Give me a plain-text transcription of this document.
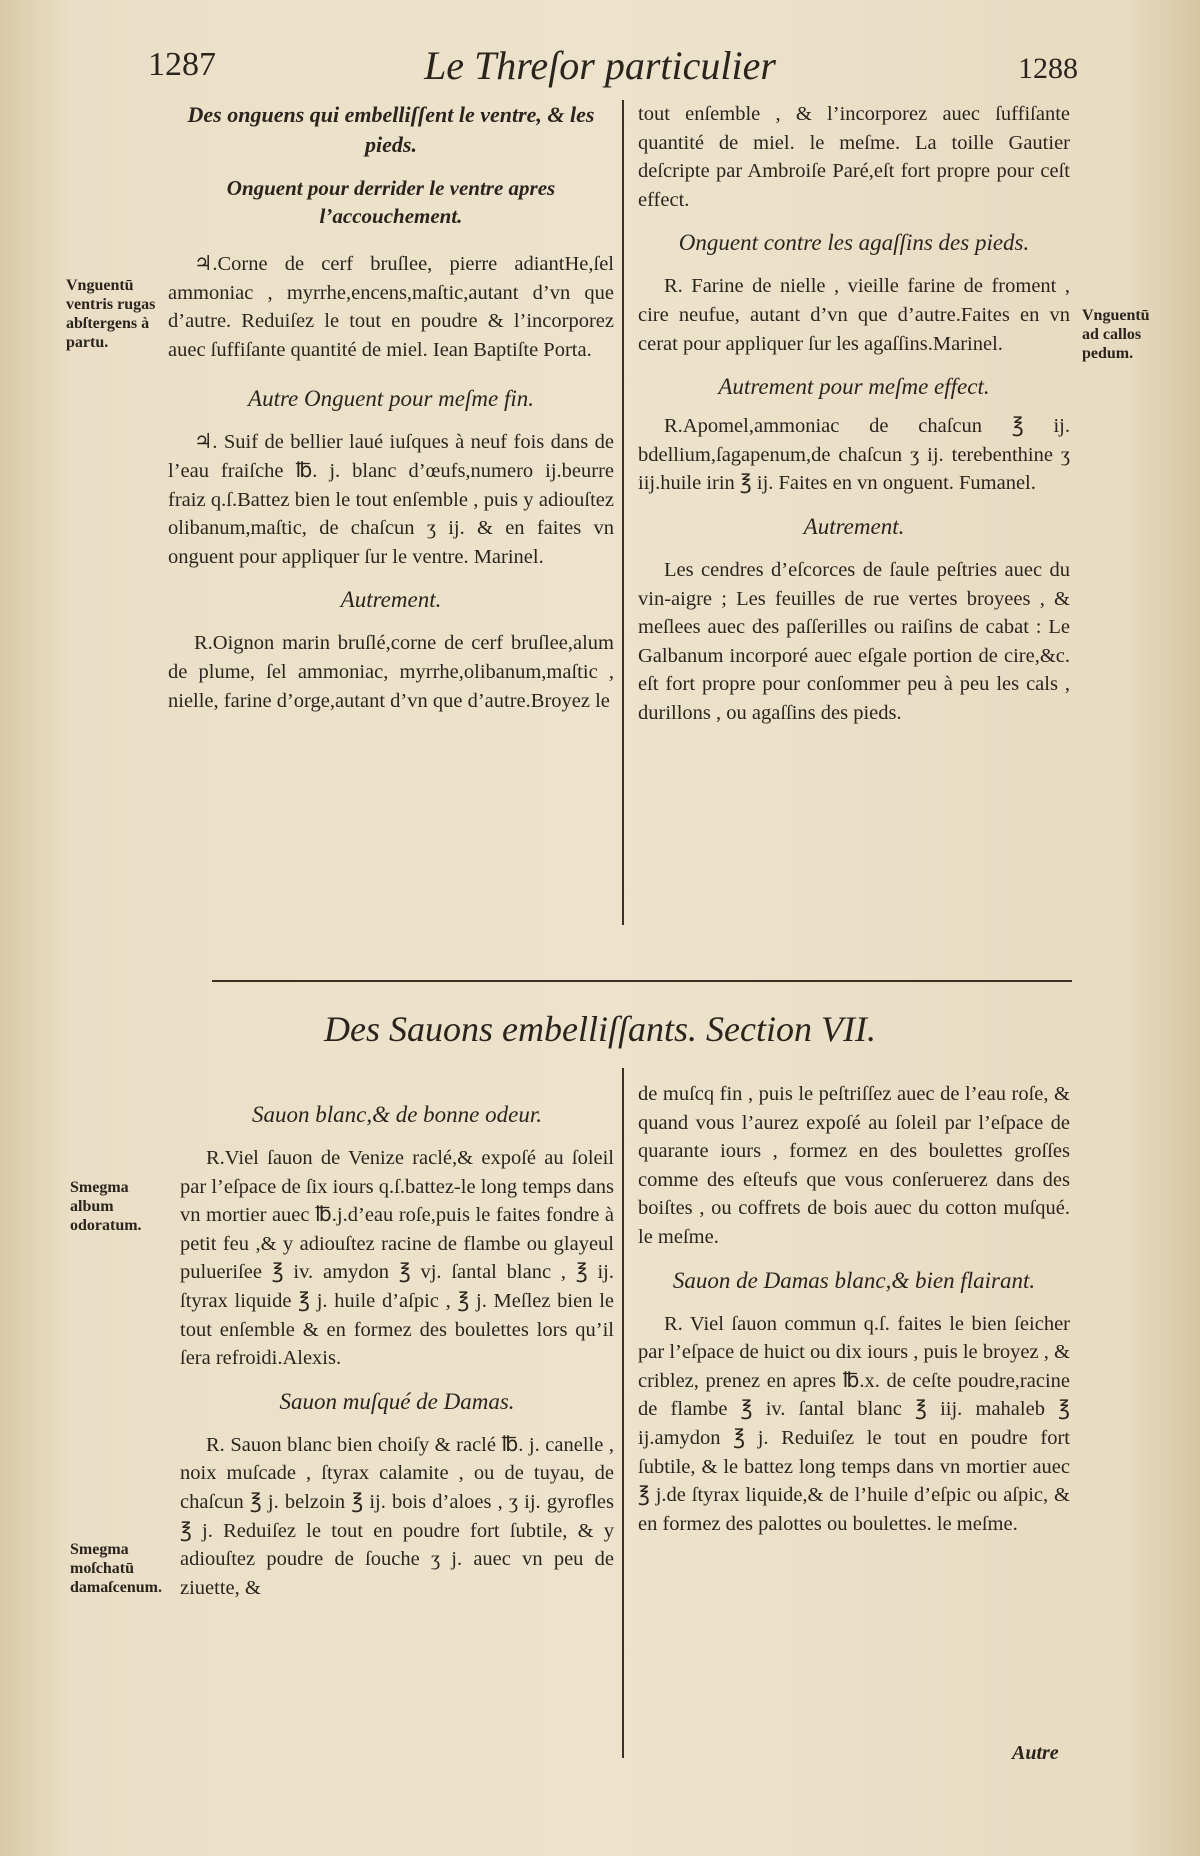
1287	Le Threſor particulier	1288

Des onguens qui embelliſſent le ventre, & les pieds.

Onguent pour derrider le ventre apres l’accouchement.

♃.Corne de cerf bruſlee, pierre adiantHe,ſel ammoniac , myrrhe,encens,maſtic,autant d’vn que d’autre. Reduiſez le tout en poudre & l’incorporez auec ſuffiſante quantité de miel. Iean Baptiſte Porta.

Autre Onguent pour meſme fin.

♃. Suif de bellier laué iuſques à neuf fois dans de l’eau fraiſche ℔. j. blanc d’œufs,numero ij.beurre fraiz q.ſ.Battez bien le tout enſemble , puis y adiouſtez olibanum,maſtic, de chaſcun ʒ ij. & en faites vn onguent pour appliquer ſur le ventre. Marinel.

Autrement.

R.Oignon marin bruſlé,corne de cerf bruſlee,alum de plume, ſel ammoniac, myrrhe,olibanum,maſtic , nielle, farine d’orge,autant d’vn que d’autre.Broyez le

tout enſemble , & l’incorporez auec ſuffiſante quantité de miel. le meſme. La toille Gautier deſcripte par Ambroiſe Paré,eſt fort propre pour ceſt effect.

Onguent contre les agaſſins des pieds.

R. Farine de nielle , vieille farine de froment , cire neufue, autant d’vn que d’autre.Faites en vn cerat pour appliquer ſur les agaſſins.Marinel.

Autrement pour meſme effect.

R.Apomel,ammoniac de chaſcun ℥ ij. bdellium,ſagapenum,de chaſcun ʒ ij. terebenthine ʒ iij.huile irin ℥ ij. Faites en vn onguent. Fumanel.

Autrement.

Les cendres d’eſcorces de ſaule peſtries auec du vin-aigre ; Les feuilles de rue vertes broyees , & meſlees auec des paſſerilles ou raiſins de cabat : Le Galbanum incorporé auec eſgale portion de cire,&c. eſt fort propre pour conſommer peu à peu les cals , durillons , ou agaſſins des pieds.

Des Sauons embelliſſants. Section VII.

Sauon blanc,& de bonne odeur.

R.Viel ſauon de Venize raclé,& expoſé au ſoleil par l’eſpace de ſix iours q.ſ.battez-le long temps dans vn mortier auec ℔.j.d’eau roſe,puis le faites fondre à petit feu ,& y adiouſtez racine de flambe ou glayeul pulueriſee ℥ iv. amydon ℥ vj. ſantal blanc , ℥ ij. ſtyrax liquide ℥ j. huile d’aſpic , ℥ j. Meſlez bien le tout enſemble & en formez des boulettes lors qu’il ſera refroidi.Alexis.

Sauon muſqué de Damas.

R. Sauon blanc bien choiſy & raclé ℔. j. canelle , noix muſcade , ſtyrax calamite , ou de tuyau, de chaſcun ℥ j. belzoin ℥ ij. bois d’aloes , ʒ ij. gyrofles ℥ j. Reduiſez le tout en poudre fort ſubtile, & y adiouſtez poudre de ſouche ʒ j. auec vn peu de ziuette, &

de muſcq fin , puis le peſtriſſez auec de l’eau roſe, & quand vous l’aurez expoſé au ſoleil par l’eſpace de quarante iours , formez en des boulettes groſſes comme des eſteufs que vous conſeruerez dans des boiſtes , ou coffrets de bois auec du cotton muſqué. le meſme.

Sauon de Damas blanc,& bien flairant.

R. Viel ſauon commun q.ſ. faites le bien ſeicher par l’eſpace de huict ou dix iours , puis le broyez , & criblez, prenez en apres ℔.x. de ceſte poudre,racine de flambe ℥ iv. ſantal blanc ℥ iij. mahaleb ℥ ij.amydon ℥ j. Reduiſez le tout en poudre fort ſubtile, & le battez long temps dans vn mortier auec ℥ j.de ſtyrax liquide,& de l’huile d’eſpic ou aſpic, & en formez des palottes ou boulettes. le meſme.

Autre
Vnguentū ventris rugas abſtergens à partu.
Vnguentū ad callos pedum.
Smegma album odoratum.
Smegma moſchatū damaſcenum.
